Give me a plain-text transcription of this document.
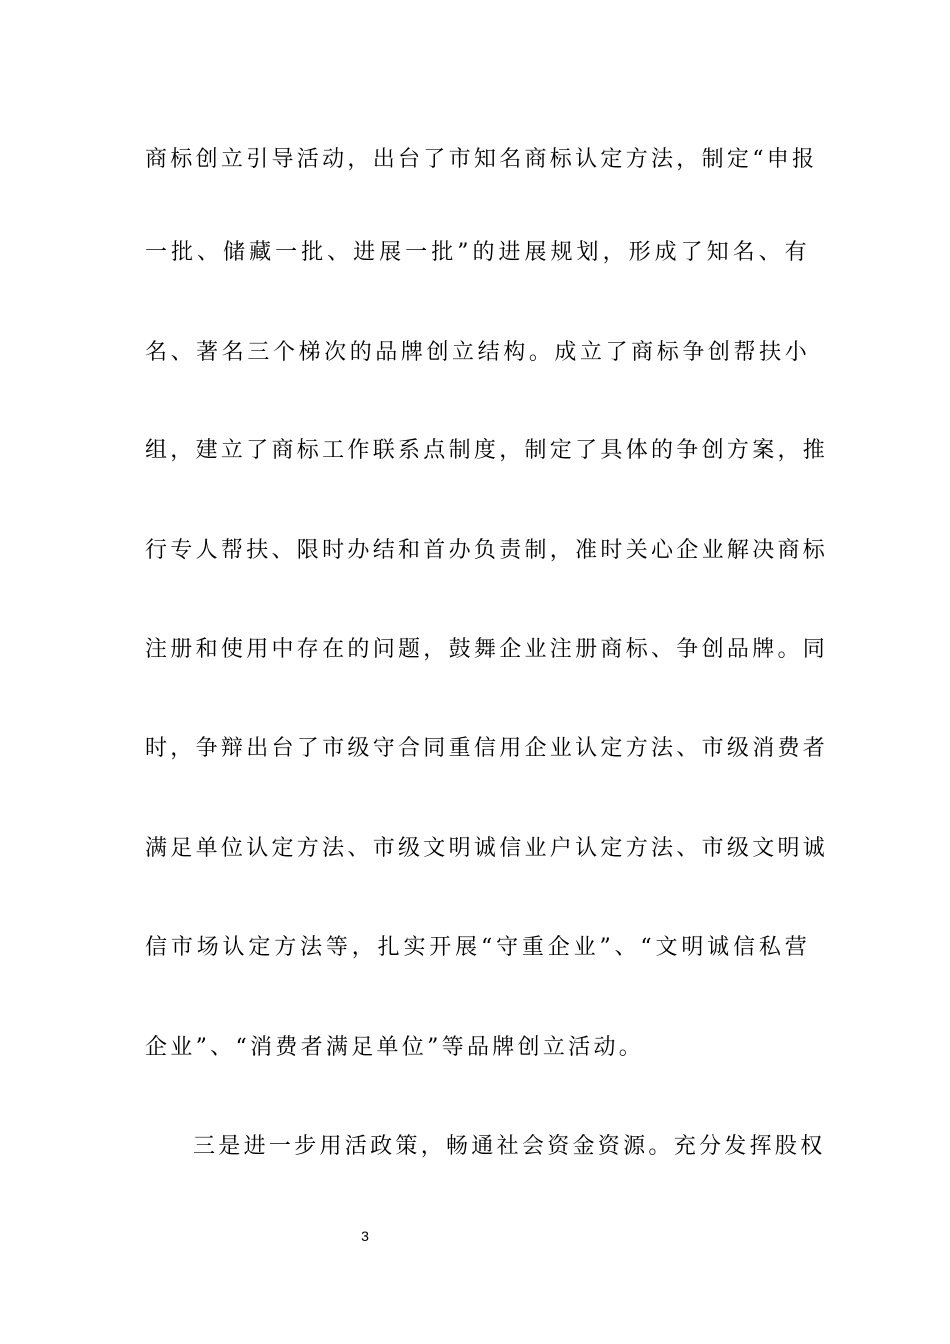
商标创立引导活动，出台了市知名商标认定方法，制定“申报
一批、储藏一批、进展一批”的进展规划，形成了知名、有
名、著名三个梯次的品牌创立结构。成立了商标争创帮扶小
组，建立了商标工作联系点制度，制定了具体的争创方案，推
行专人帮扶、限时办结和首办负责制，准时关心企业解决商标
注册和使用中存在的问题，鼓舞企业注册商标、争创品牌。同
时，争辩出台了市级守合同重信用企业认定方法、市级消费者
满足单位认定方法、市级文明诚信业户认定方法、市级文明诚
信市场认定方法等，扎实开展“守重企业”、“文明诚信私营
企业”、“消费者满足单位”等品牌创立活动。
三是进一步用活政策，畅通社会资金资源。充分发挥股权
3
